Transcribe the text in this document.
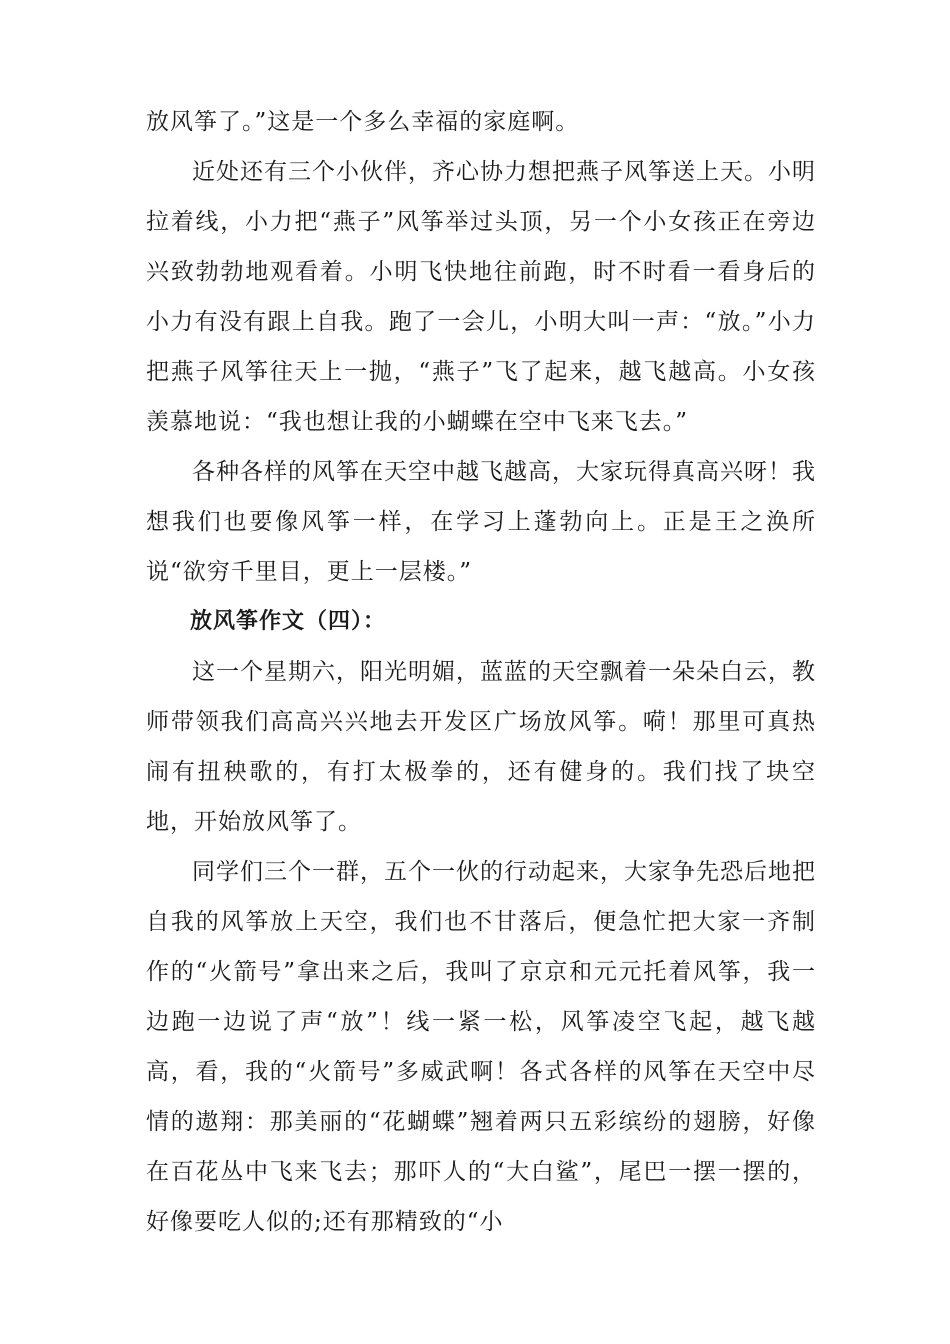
放风筝了。”这是一个多么幸福的家庭啊。

近处还有三个小伙伴，齐心协力想把燕子风筝送上天。小明拉着线，小力把“燕子”风筝举过头顶，另一个小女孩正在旁边兴致勃勃地观看着。小明飞快地往前跑，时不时看一看身后的小力有没有跟上自我。跑了一会儿，小明大叫一声：“放。”小力把燕子风筝往天上一抛，“燕子”飞了起来，越飞越高。小女孩羡慕地说：“我也想让我的小蝴蝶在空中飞来飞去。”

各种各样的风筝在天空中越飞越高，大家玩得真高兴呀！我想我们也要像风筝一样，在学习上蓬勃向上。正是王之涣所说“欲穷千里目，更上一层楼。”

放风筝作文（四）：

这一个星期六，阳光明媚，蓝蓝的天空飘着一朵朵白云，教师带领我们高高兴兴地去开发区广场放风筝。嗬！那里可真热闹有扭秧歌的，有打太极拳的，还有健身的。我们找了块空地，开始放风筝了。

同学们三个一群，五个一伙的行动起来，大家争先恐后地把自我的风筝放上天空，我们也不甘落后，便急忙把大家一齐制作的“火箭号”拿出来之后，我叫了京京和元元托着风筝，我一边跑一边说了声“放”！线一紧一松，风筝凌空飞起，越飞越高，看，我的“火箭号”多威武啊！各式各样的风筝在天空中尽情的遨翔：那美丽的“花蝴蝶”翘着两只五彩缤纷的翅膀，好像在百花丛中飞来飞去；那吓人的“大白鲨”，尾巴一摆一摆的，好像要吃人似的;还有那精致的“小
